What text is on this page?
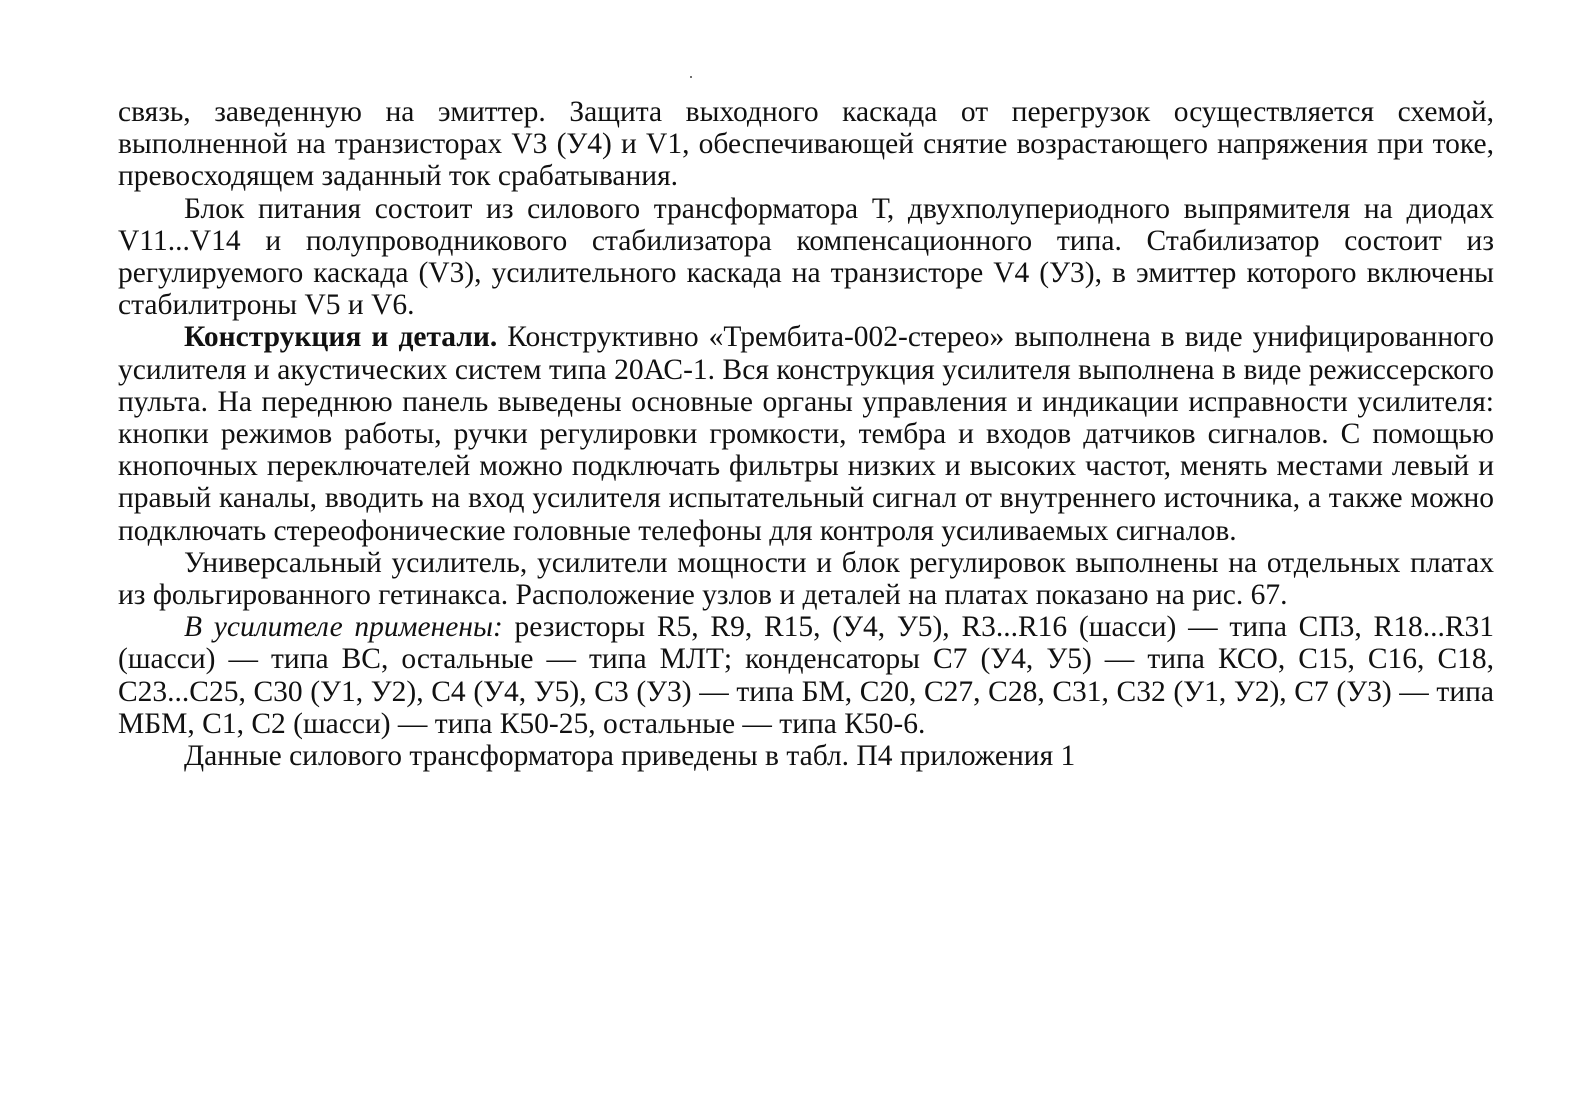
связь, заведенную на эмиттер. Защита выходного каскада от перегрузок осуществляется схемой, выполненной на транзисторах V3 (У4) и V1, обеспечивающей снятие возрастающего напряжения при токе, превосходящем заданный ток срабатывания.

Блок питания состоит из силового трансформатора Т, двухполупериодного выпрямителя на диодах V11...V14 и полупроводникового стабилизатора компенсационного типа. Стабилизатор состоит из регулируемого каскада (V3), усилительного каскада на транзисторе V4 (У3), в эмиттер которого включены стабилитроны V5 и V6.

Конструкция и детали. Конструктивно «Трембита-002-стерео» выполнена в виде унифицированного усилителя и акустических систем типа 20АС-1. Вся конструкция усилителя выполнена в виде режиссерского пульта. На переднюю панель выведены основные органы управления и индикации исправности усилителя: кнопки режимов работы, ручки регулировки громкости, тембра и входов датчиков сигналов. С помощью кнопочных переключателей можно подключать фильтры низких и высоких частот, менять местами левый и правый каналы, вводить на вход усилителя испытательный сигнал от внутреннего источника, а также можно подключать стереофонические головные телефоны для контроля усиливаемых сигналов.

Универсальный усилитель, усилители мощности и блок регулировок выполнены на отдельных платах из фольгированного гетинакса. Расположение узлов и деталей на платах показано на рис. 67.

В усилителе применены: резисторы R5, R9, R15, (У4, У5), R3...R16 (шасси) — типа СП3, R18...R31 (шасси) — типа ВС, остальные — типа МЛТ; конденсаторы С7 (У4, У5) — типа КСО, С15, С16, С18, С23...С25, С30 (У1, У2), С4 (У4, У5), С3 (У3) — типа БМ, С20, С27, С28, С31, С32 (У1, У2), С7 (У3) — типа МБМ, С1, С2 (шасси) — типа К50-25, остальные — типа К50-6.

Данные силового трансформатора приведены в табл. П4 приложения 1
